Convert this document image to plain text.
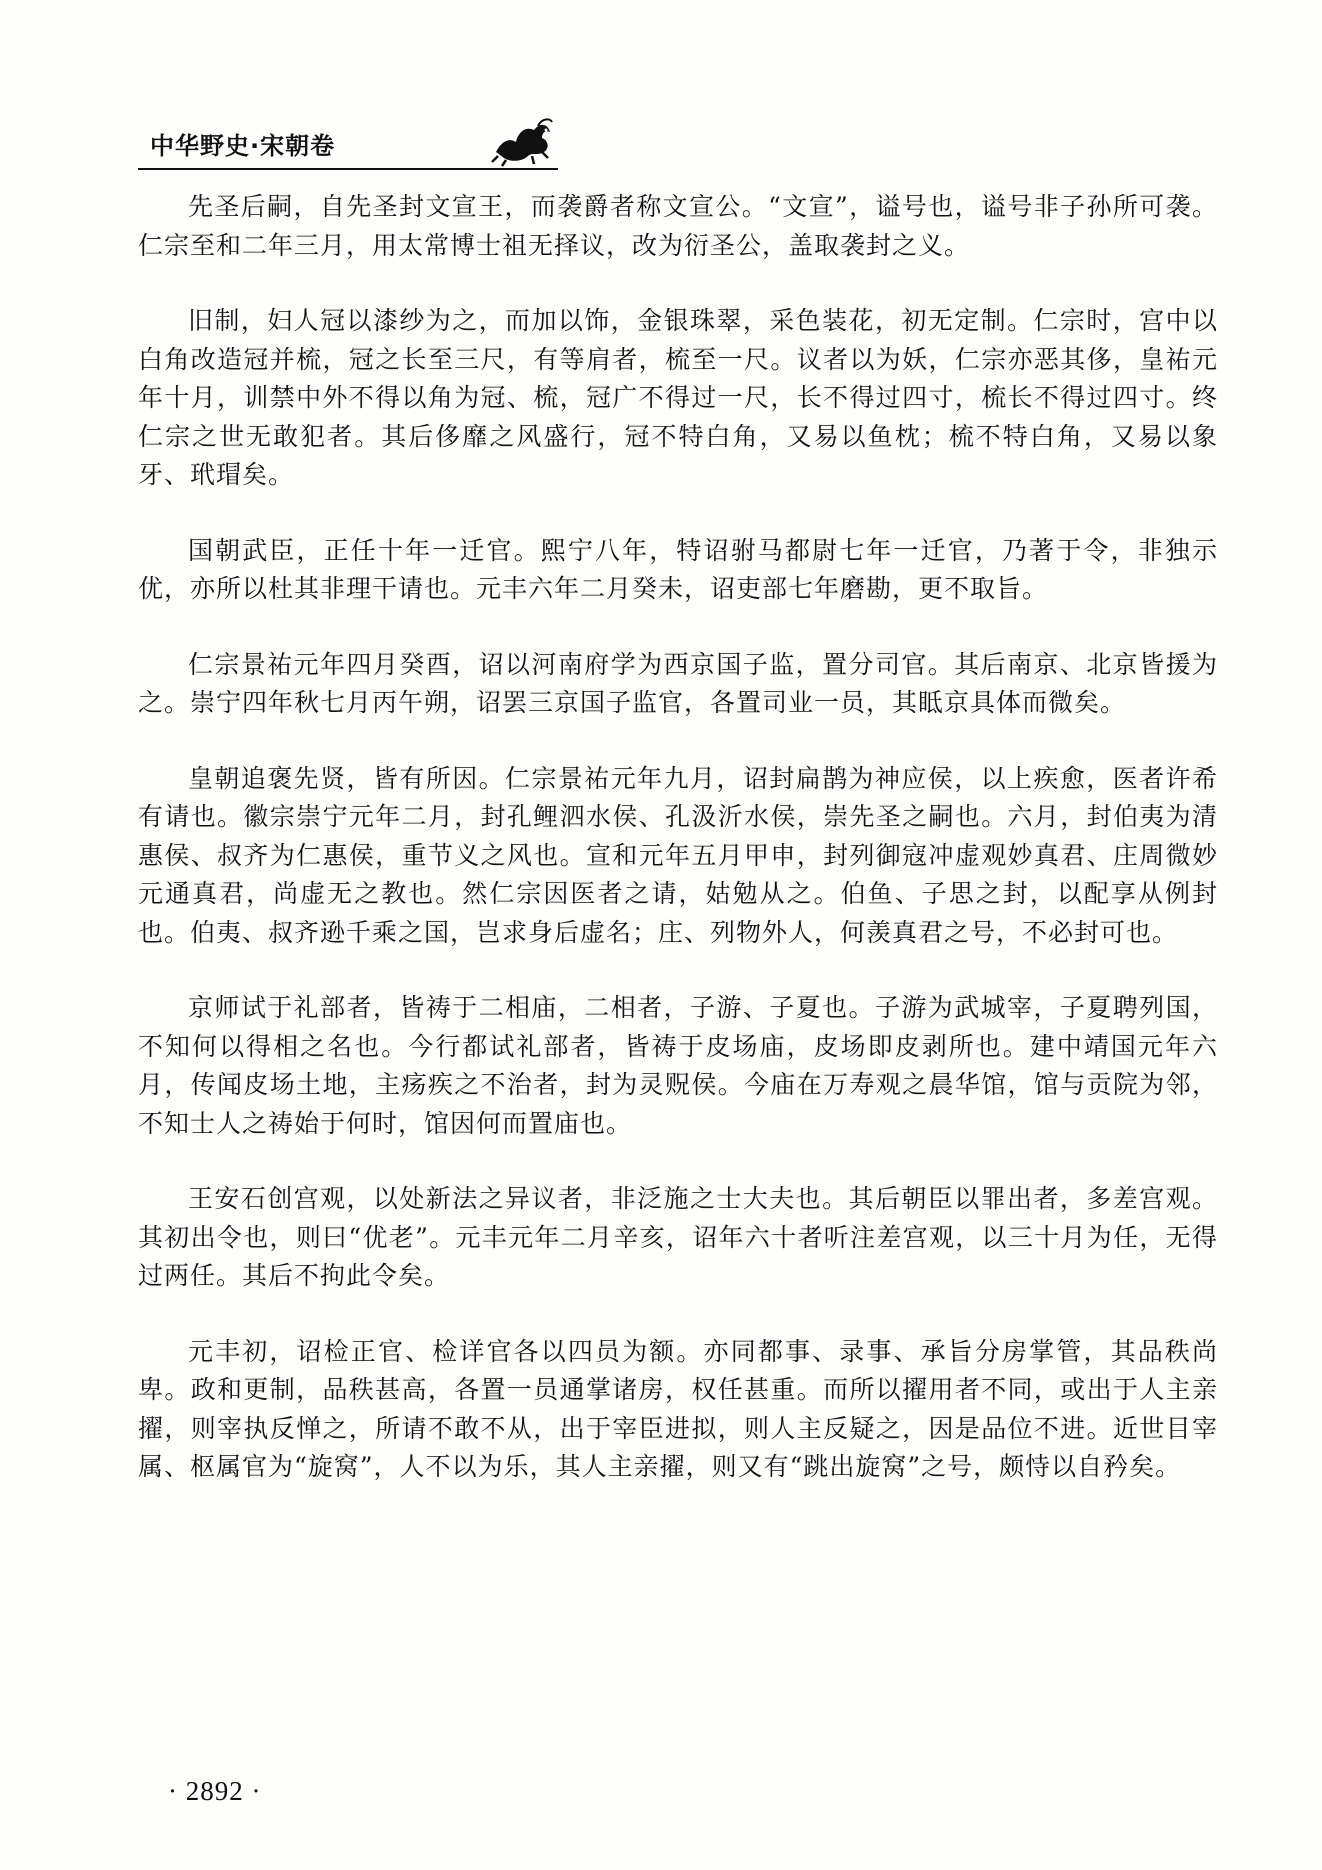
中华野史·宋朝卷

先圣后嗣，自先圣封文宣王，而袭爵者称文宣公。“文宣”，谥号也，谥号非子孙所可袭。仁宗至和二年三月，用太常博士祖无择议，改为衍圣公，盖取袭封之义。

旧制，妇人冠以漆纱为之，而加以饰，金银珠翠，采色装花，初无定制。仁宗时，宫中以白角改造冠并梳，冠之长至三尺，有等肩者，梳至一尺。议者以为妖，仁宗亦恶其侈，皇祐元年十月，训禁中外不得以角为冠、梳，冠广不得过一尺，长不得过四寸，梳长不得过四寸。终仁宗之世无敢犯者。其后侈靡之风盛行，冠不特白角，又易以鱼枕；梳不特白角，又易以象牙、玳瑁矣。

国朝武臣，正任十年一迁官。熙宁八年，特诏驸马都尉七年一迁官，乃著于令，非独示优，亦所以杜其非理干请也。元丰六年二月癸未，诏吏部七年磨勘，更不取旨。

仁宗景祐元年四月癸酉，诏以河南府学为西京国子监，置分司官。其后南京、北京皆援为之。崇宁四年秋七月丙午朔，诏罢三京国子监官，各置司业一员，其眡京具体而微矣。

皇朝追褒先贤，皆有所因。仁宗景祐元年九月，诏封扁鹊为神应侯，以上疾愈，医者许希有请也。徽宗崇宁元年二月，封孔鲤泗水侯、孔汲沂水侯，崇先圣之嗣也。六月，封伯夷为清惠侯、叔齐为仁惠侯，重节义之风也。宣和元年五月甲申，封列御寇冲虚观妙真君、庄周微妙元通真君，尚虚无之教也。然仁宗因医者之请，姑勉从之。伯鱼、子思之封，以配享从例封也。伯夷、叔齐逊千乘之国，岂求身后虚名；庄、列物外人，何羡真君之号，不必封可也。

京师试于礼部者，皆祷于二相庙，二相者，子游、子夏也。子游为武城宰，子夏聘列国，不知何以得相之名也。今行都试礼部者，皆祷于皮场庙，皮场即皮剥所也。建中靖国元年六月，传闻皮场土地，主疡疾之不治者，封为灵贶侯。今庙在万寿观之晨华馆，馆与贡院为邻，不知士人之祷始于何时，馆因何而置庙也。

王安石创宫观，以处新法之异议者，非泛施之士大夫也。其后朝臣以罪出者，多差宫观。其初出令也，则曰“优老”。元丰元年二月辛亥，诏年六十者听注差宫观，以三十月为任，无得过两任。其后不拘此令矣。

元丰初，诏检正官、检详官各以四员为额。亦同都事、录事、承旨分房掌管，其品秩尚卑。政和更制，品秩甚高，各置一员通掌诸房，权任甚重。而所以擢用者不同，或出于人主亲擢，则宰执反惮之，所请不敢不从，出于宰臣进拟，则人主反疑之，因是品位不进。近世目宰属、枢属官为“旋窝”，人不以为乐，其人主亲擢，则又有“跳出旋窝”之号，颇恃以自矜矣。

· 2892 ·
